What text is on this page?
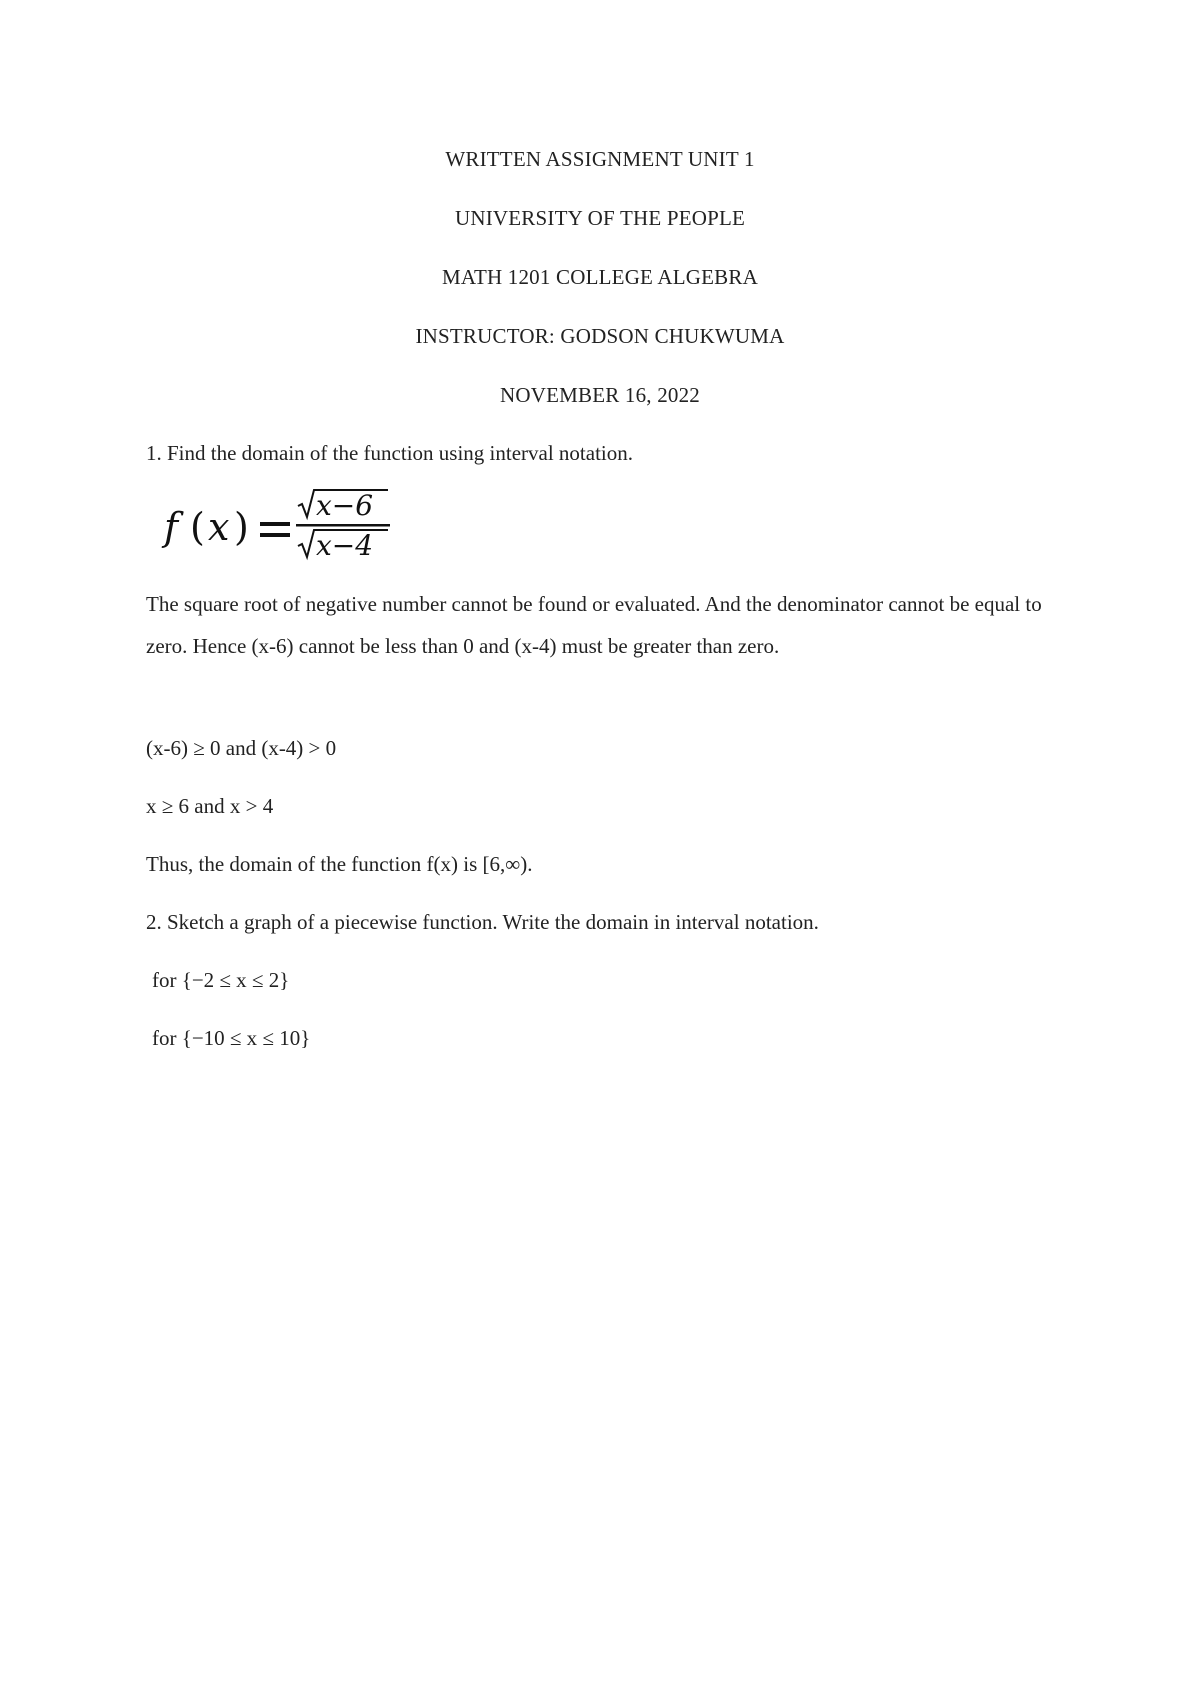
WRITTEN ASSIGNMENT UNIT 1
UNIVERSITY OF THE PEOPLE
MATH 1201 COLLEGE ALGEBRA
INSTRUCTOR: GODSON CHUKWUMA
NOVEMBER 16, 2022
1. Find the domain of the function using interval notation.
f ( x ) x−6
x−4
The square root of negative number cannot be found or evaluated. And the denominator cannot be equal to zero. Hence (x-6) cannot be less than 0 and (x-4) must be greater than zero.
(x-6) ≥ 0 and (x-4) > 0
x ≥ 6 and x > 4
Thus, the domain of the function f(x) is [6,∞).
2. Sketch a graph of a piecewise function. Write the domain in interval notation.
for {−2 ≤ x ≤ 2}
for {−10 ≤ x ≤ 10}
